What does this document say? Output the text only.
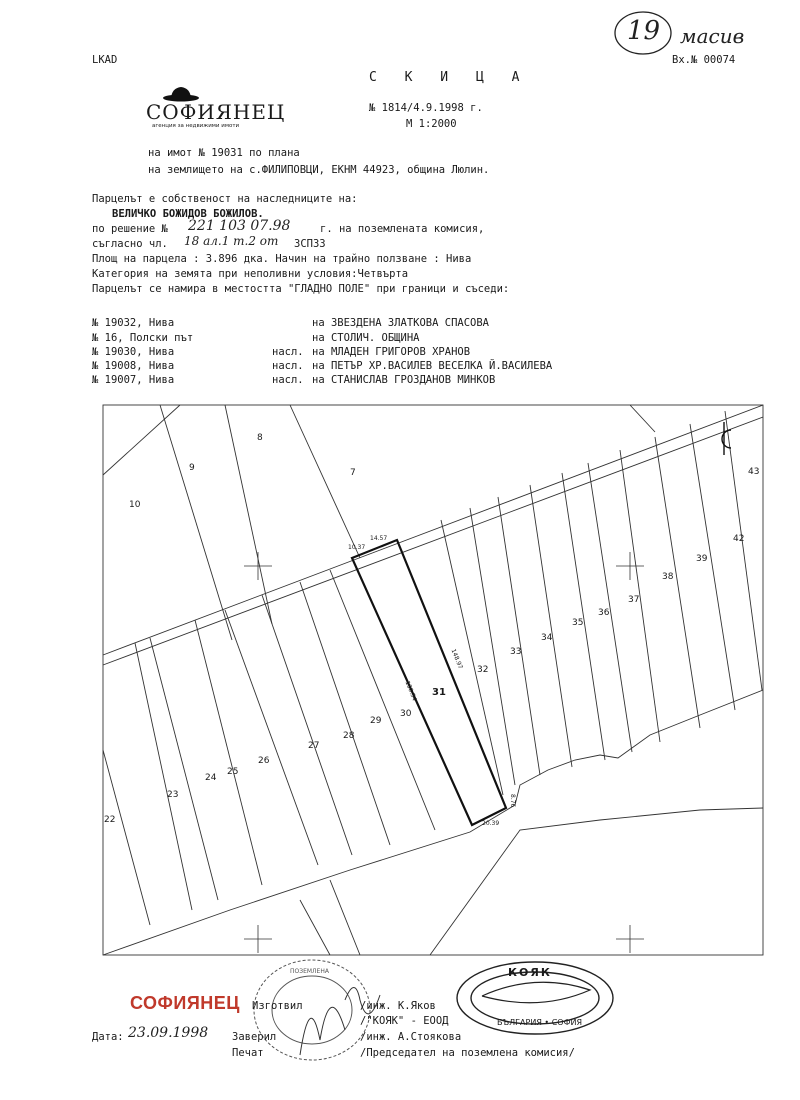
19 масив
LKAD	Вх.№ 00074
СОФИЯНЕЦ
агенция за недвижими имоти
С К И Ц А
№ 1814/4.9.1998 г.
М 1:2000
на имот № 19031 по плана
на землището на с.ФИЛИПОВЦИ, ЕКНМ 44923, община Люлин.
Парцелът е собственост на наследниците на:
ВЕЛИЧКО БОЖИДОВ БОЖИЛОВ.
по решение № 221 103 07.98	г. на поземлената комисия,
съгласно чл. 18 ал.1 т.2 от ЗСПЗЗ
Площ на парцела : 3.896 дка. Начин на трайно ползване : Нива
Категория на земята при неполивни условия:Четвърта
Парцелът се намира в местостта "ГЛАДНО ПОЛЕ" при граници и съседи:
№ 19032, Нива	на ЗВЕЗДЕНА ЗЛАТКОВА СПАСОВА
№ 16, Полски път	на СТОЛИЧ. ОБЩИНА
№ 19030, Нива	насл. на МЛАДЕН ГРИГОРОВ ХРАНОВ
№ 19008, Нива	насл. на ПЕТЪР ХР.ВАСИЛЕВ ВЕСЕЛКА Й.ВАСИЛЕВА
№ 19007, Нива	насл. на СТАНИСЛАВ ГРОЗДАНОВ МИНКОВ
31
10
9
8
7	43
42
39
38
37
36
35
34
33
32
30
29
28
27
26
25
24
23
22
10.37
14.57
148.97
130.54
20.39
8.76
ПОЗЕМЛЕНА	КОЯК
БЪЛГАРИЯ • СОФИЯ
СОФИЯНЕЦ Изготвил	/инж. К.Яков
/"КОЯК" - ЕООД
Дата: 23.09.1998 Заверил	/инж. А.Стоякова
Печат	/Председател на поземлена комисия/
